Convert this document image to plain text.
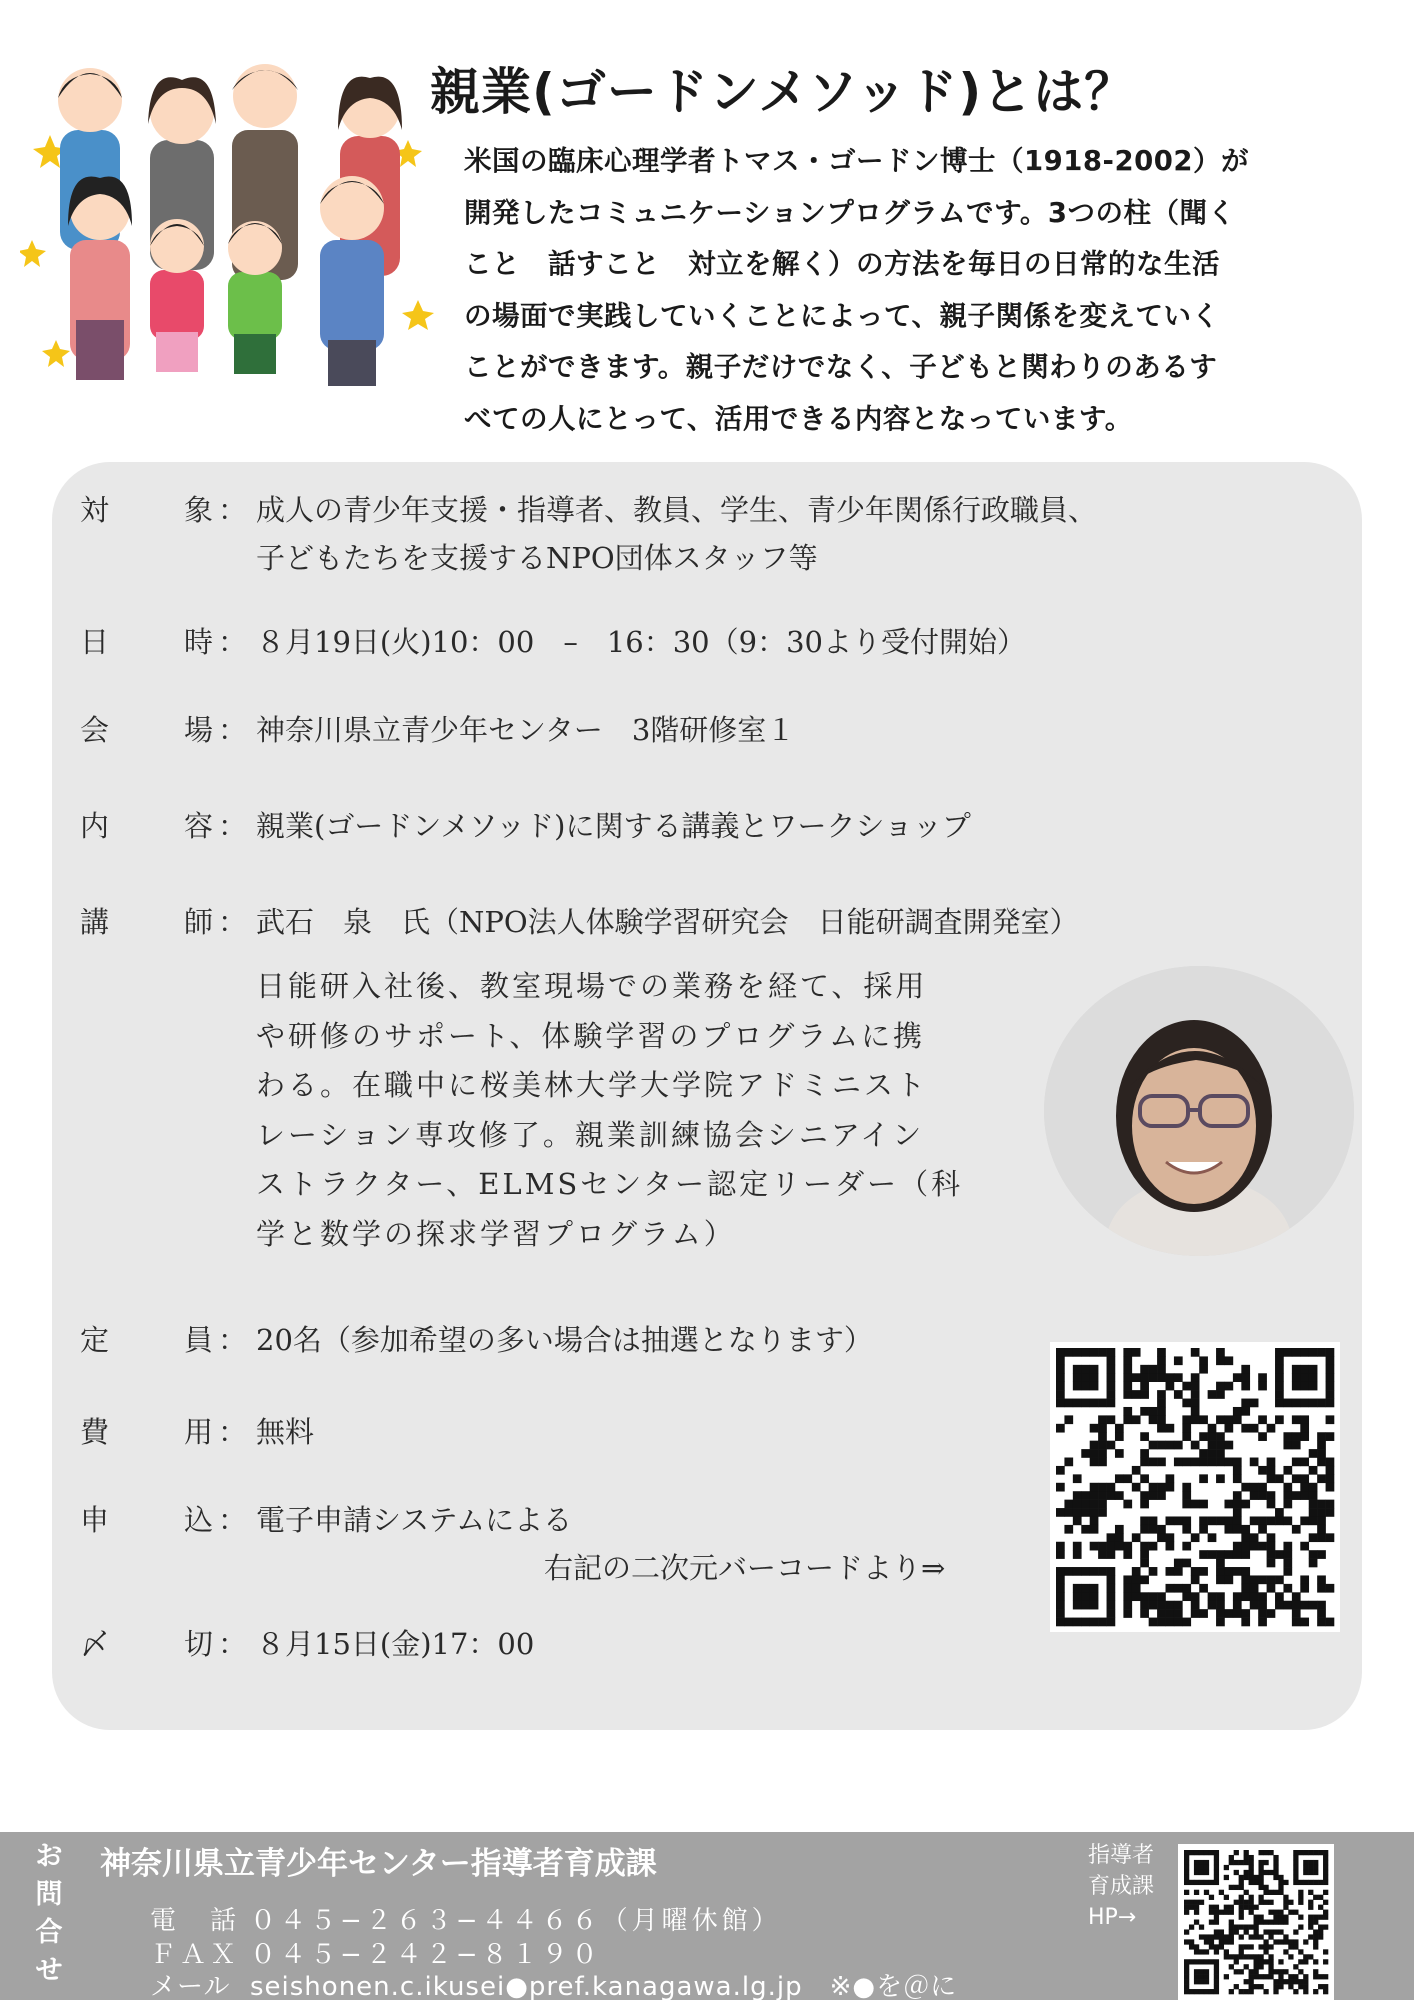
親業(ゴードンメソッド)とは？
米国の臨床心理学者トマス・ゴードン博士（1918-2002）が
開発したコミュニケーションプログラムです。3つの柱（聞く
こと　話すこと　対立を解く）の方法を毎日の日常的な生活
の場面で実践していくことによって、親子関係を変えていく
ことができます。親子だけでなく、子どもと関わりのあるす
べての人にとって、活用できる内容となっています。
対	象 ： 成人の青少年支援・指導者、教員、学生、青少年関係行政職員、
子どもたちを支援するNPO団体スタッフ等
日	時 ： ８月19日(火)10：00　–　16：30（9：30より受付開始）
会	場 ： 神奈川県立青少年センター　3階研修室１
内	容 ： 親業(ゴードンメソッド)に関する講義とワークショップ
講	師 ： 武石　泉　氏（NPO法人体験学習研究会　日能研調査開発室）
日能研入社後、教室現場での業務を経て、採用
や研修のサポート、体験学習のプログラムに携
わる。在職中に桜美林大学大学院アドミニスト
レーション専攻修了。親業訓練協会シニアイン
ストラクター、ELMSセンター認定リーダー（科
学と数学の探求学習プログラム）
定	員 ： 20名（参加希望の多い場合は抽選となります）
費	用 ： 無料
申	込 ： 電子申請システムによる
右記の二次元バーコードより⇒
〆	切 ： ８月15日(金)17：00
お
問
合
せ
神奈川県立青少年センター指導者育成課
電　話 ０４５−２６３−４４６６（月曜休館）
ＦＡＸ ０４５−２４２−８１９０
メール seishonen.c.ikusei●pref.kanagawa.lg.jp　※●を＠に
指導者
育成課
HP→
